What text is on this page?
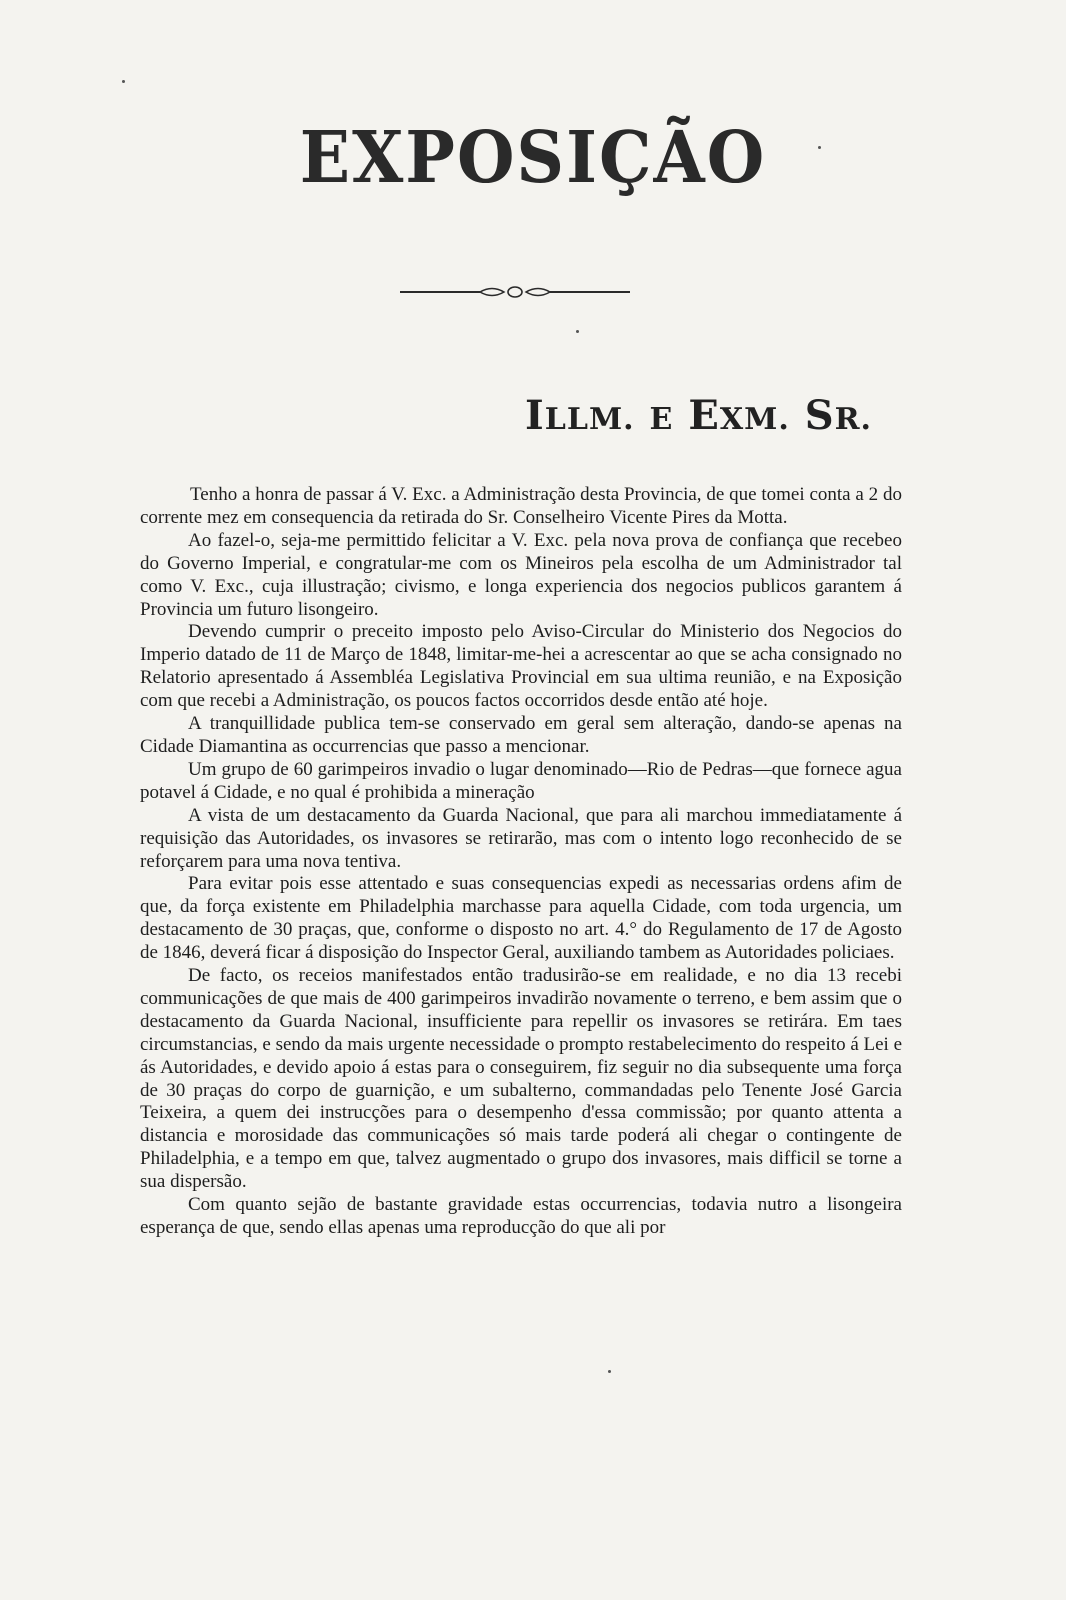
EXPOSIÇÃO
ILLM. E EXM. SR.

Tenho a honra de passar á V. Exc. a Administração desta Provincia, de que tomei conta a 2 do corrente mez em consequencia da retirada do Sr. Conselheiro Vicente Pires da Motta.

Ao fazel-o, seja-me permittido felicitar a V. Exc. pela nova prova de confiança que recebeo do Governo Imperial, e congratular-me com os Mineiros pela escolha de um Administrador tal como V. Exc., cuja illustração; civismo, e longa experiencia dos negocios publicos garantem á Provincia um futuro lisongeiro.

Devendo cumprir o preceito imposto pelo Aviso-Circular do Ministerio dos Negocios do Imperio datado de 11 de Março de 1848, limitar-me-hei a acrescentar ao que se acha consignado no Relatorio apresentado á Assembléa Legislativa Provincial em sua ultima reunião, e na Exposição com que recebi a Administração, os poucos factos occorridos desde então até hoje.

A tranquillidade publica tem-se conservado em geral sem alteração, dando-se apenas na Cidade Diamantina as occurrencias que passo a mencionar.

Um grupo de 60 garimpeiros invadio o lugar denominado—Rio de Pedras—que fornece agua potavel á Cidade, e no qual é prohibida a mineração

A vista de um destacamento da Guarda Nacional, que para ali marchou immediatamente á requisição das Autoridades, os invasores se retirarão, mas com o intento logo reconhecido de se reforçarem para uma nova tentiva.

Para evitar pois esse attentado e suas consequencias expedi as necessarias ordens afim de que, da força existente em Philadelphia marchasse para aquella Cidade, com toda urgencia, um destacamento de 30 praças, que, conforme o disposto no art. 4.° do Regulamento de 17 de Agosto de 1846, deverá ficar á disposição do Inspector Geral, auxiliando tambem as Autoridades policiaes.

De facto, os receios manifestados então tradusirão-se em realidade, e no dia 13 recebi communicações de que mais de 400 garimpeiros invadirão novamente o terreno, e bem assim que o destacamento da Guarda Nacional, insufficiente para repellir os invasores se retirára. Em taes circumstancias, e sendo da mais urgente necessidade o prompto restabelecimento do respeito á Lei e ás Autoridades, e devido apoio á estas para o conseguirem, fiz seguir no dia subsequente uma força de 30 praças do corpo de guarnição, e um subalterno, commandadas pelo Tenente José Garcia Teixeira, a quem dei instrucções para o desempenho d'essa commissão; por quanto attenta a distancia e morosidade das communicações só mais tarde poderá ali chegar o contingente de Philadelphia, e a tempo em que, talvez augmentado o grupo dos invasores, mais difficil se torne a sua dispersão.

Com quanto sejão de bastante gravidade estas occurrencias, todavia nutro a lisongeira esperança de que, sendo ellas apenas uma reproducção do que ali por
